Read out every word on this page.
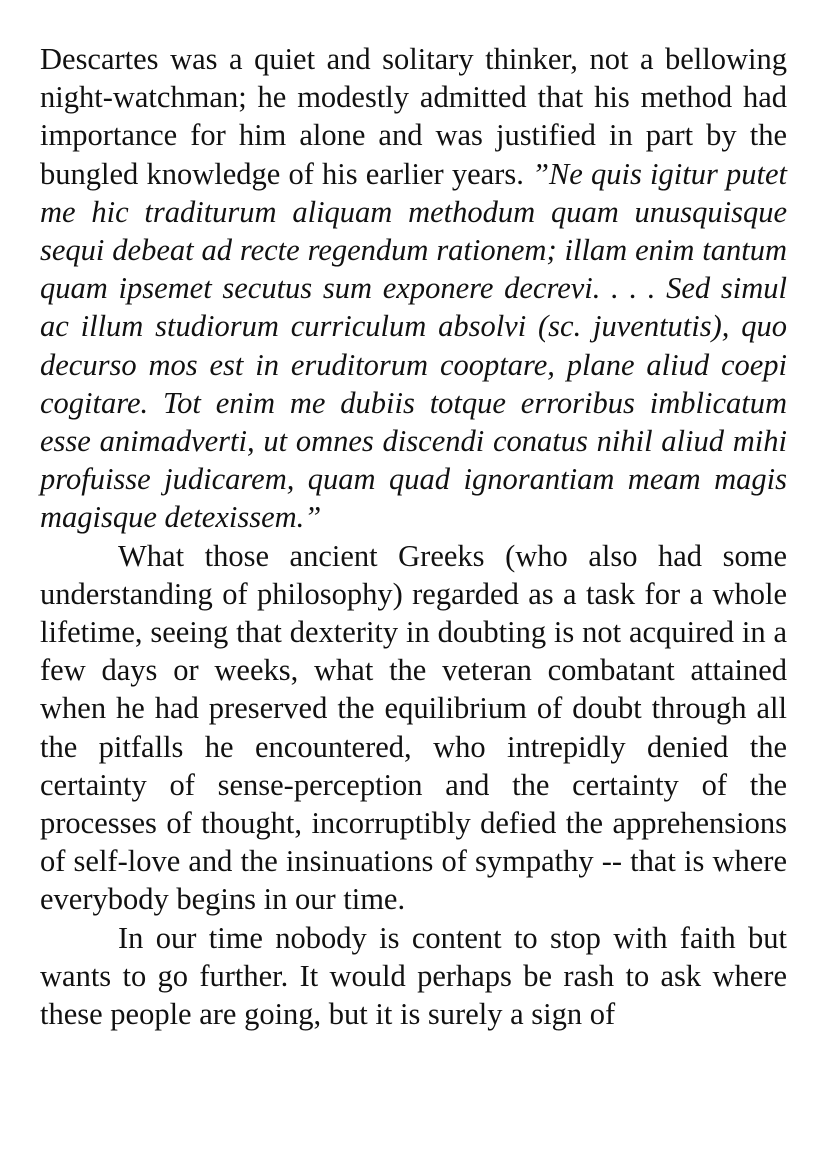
Descartes was a quiet and solitary thinker, not a bellowing night-watchman; he modestly admitted that his method had importance for him alone and was justified in part by the bungled knowledge of his earlier years. ”Ne quis igitur putet me hic traditurum aliquam methodum quam unusquisque sequi debeat ad recte regendum rationem; illam enim tantum quam ipsemet secutus sum exponere decrevi. . . . Sed simul ac illum studiorum curriculum absolvi (sc. juventutis), quo decurso mos est in eruditorum cooptare, plane aliud coepi cogitare. Tot enim me dubiis totque erroribus imblicatum esse animadverti, ut omnes discendi conatus nihil aliud mihi profuisse judicarem, quam quad ignorantiam meam magis magisque detexissem.”

What those ancient Greeks (who also had some understanding of philosophy) regarded as a task for a whole lifetime, seeing that dexterity in doubting is not acquired in a few days or weeks, what the veteran combatant attained when he had preserved the equilibrium of doubt through all the pitfalls he encountered, who intrepidly denied the certainty of sense-perception and the certainty of the processes of thought, incorruptibly defied the apprehensions of self-love and the insinuations of sympathy -- that is where everybody begins in our time.

In our time nobody is content to stop with faith but wants to go further. It would perhaps be rash to ask where these people are going, but it is surely a sign of
